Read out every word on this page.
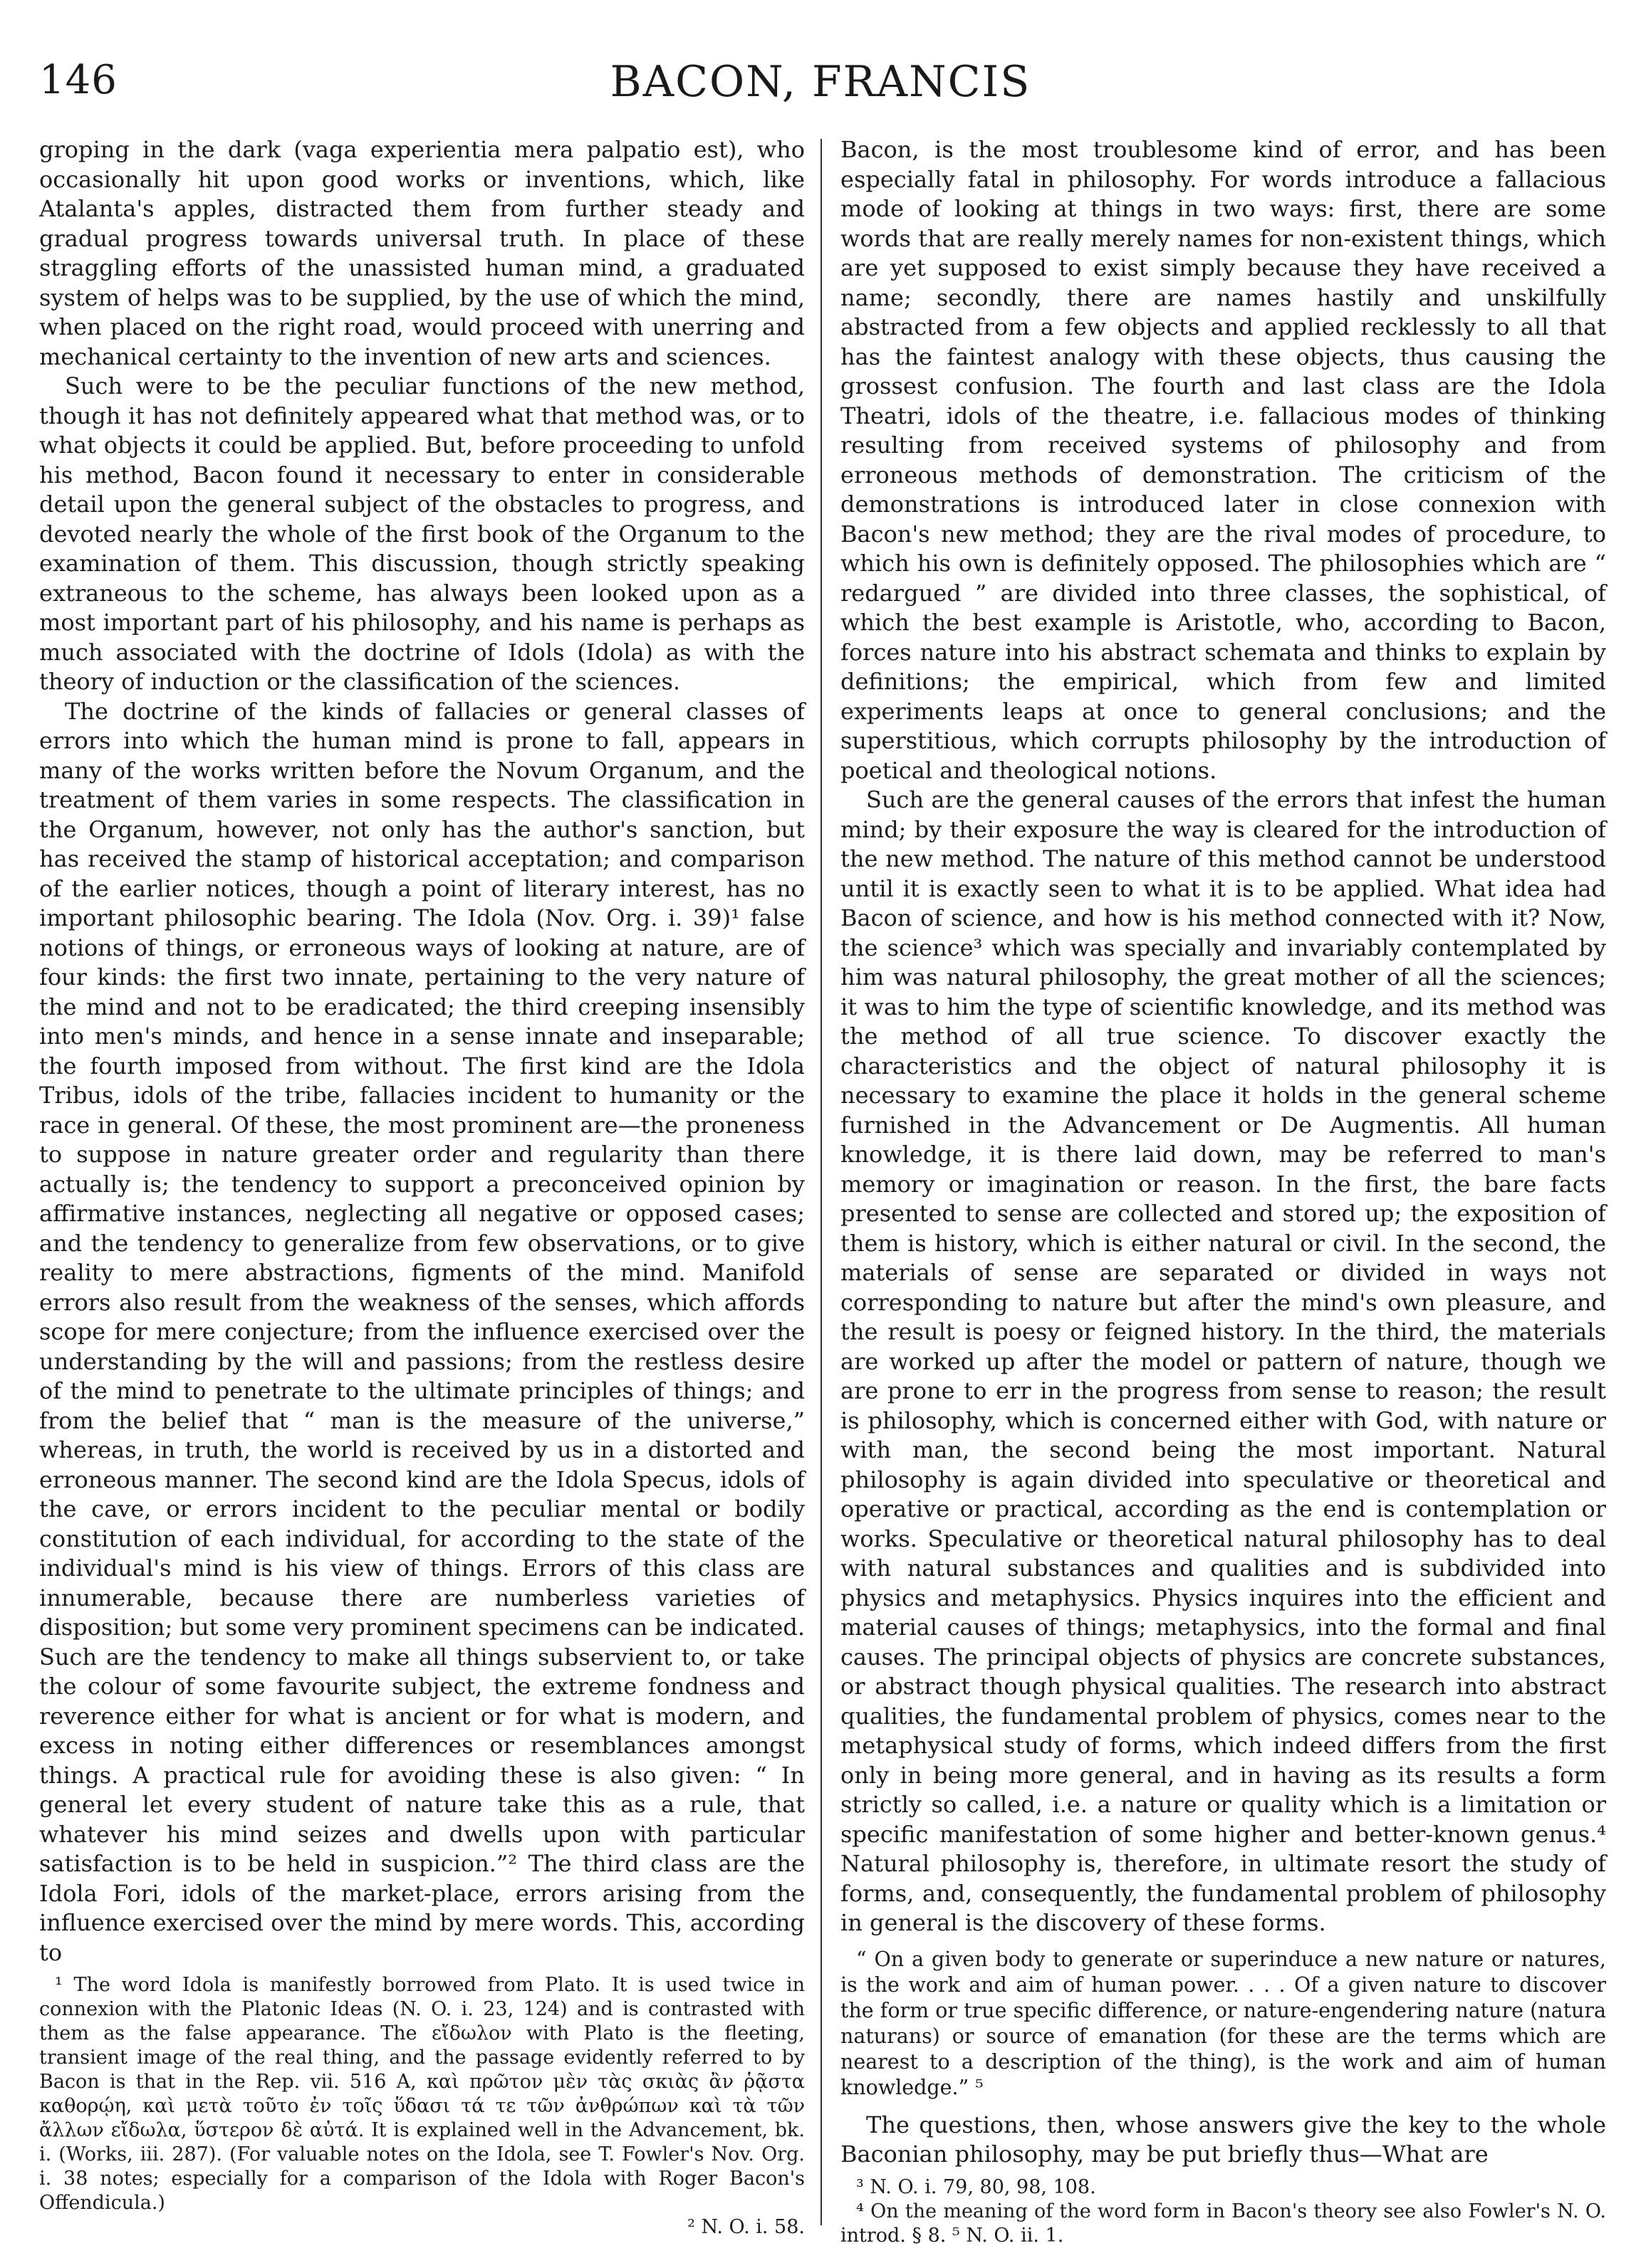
146	BACON, FRANCIS

groping in the dark (vaga experientia mera palpatio est), who occasionally hit upon good works or inventions, which, like Atalanta's apples, distracted them from further steady and gradual progress towards universal truth. In place of these straggling efforts of the unassisted human mind, a graduated system of helps was to be supplied, by the use of which the mind, when placed on the right road, would proceed with unerring and mechanical certainty to the invention of new arts and sciences.

Such were to be the peculiar functions of the new method, though it has not definitely appeared what that method was, or to what objects it could be applied. But, before proceeding to unfold his method, Bacon found it necessary to enter in considerable detail upon the general subject of the obstacles to progress, and devoted nearly the whole of the first book of the Organum to the examination of them. This discussion, though strictly speaking extraneous to the scheme, has always been looked upon as a most important part of his philosophy, and his name is perhaps as much associated with the doctrine of Idols (Idola) as with the theory of induction or the classification of the sciences.

The doctrine of the kinds of fallacies or general classes of errors into which the human mind is prone to fall, appears in many of the works written before the Novum Organum, and the treatment of them varies in some respects. The classification in the Organum, however, not only has the author's sanction, but has received the stamp of historical acceptation; and comparison of the earlier notices, though a point of literary interest, has no important philosophic bearing. The Idola (Nov. Org. i. 39)¹ false notions of things, or erroneous ways of looking at nature, are of four kinds: the first two innate, pertaining to the very nature of the mind and not to be eradicated; the third creeping insensibly into men's minds, and hence in a sense innate and inseparable; the fourth imposed from without. The first kind are the Idola Tribus, idols of the tribe, fallacies incident to humanity or the race in general. Of these, the most prominent are—the proneness to suppose in nature greater order and regularity than there actually is; the tendency to support a preconceived opinion by affirmative instances, neglecting all negative or opposed cases; and the tendency to generalize from few observations, or to give reality to mere abstractions, figments of the mind. Manifold errors also result from the weakness of the senses, which affords scope for mere conjecture; from the influence exercised over the understanding by the will and passions; from the restless desire of the mind to penetrate to the ultimate principles of things; and from the belief that “ man is the measure of the universe,” whereas, in truth, the world is received by us in a distorted and erroneous manner. The second kind are the Idola Specus, idols of the cave, or errors incident to the peculiar mental or bodily constitution of each individual, for according to the state of the individual's mind is his view of things. Errors of this class are innumerable, because there are numberless varieties of disposition; but some very prominent specimens can be indicated. Such are the tendency to make all things subservient to, or take the colour of some favourite subject, the extreme fondness and reverence either for what is ancient or for what is modern, and excess in noting either differences or resemblances amongst things. A practical rule for avoiding these is also given: “ In general let every student of nature take this as a rule, that whatever his mind seizes and dwells upon with particular satisfaction is to be held in suspicion.”² The third class are the Idola Fori, idols of the market-place, errors arising from the influence exercised over the mind by mere words. This, according to

¹ The word Idola is manifestly borrowed from Plato. It is used twice in connexion with the Platonic Ideas (N. O. i. 23, 124) and is contrasted with them as the false appearance. The εἴδωλον with Plato is the fleeting, transient image of the real thing, and the passage evidently referred to by Bacon is that in the Rep. vii. 516 A, καὶ πρῶτον μὲν τὰς σκιὰς ἂν ῥᾷστα καθορῴη, καὶ μετὰ τοῦτο ἐν τοῖς ὕδασι τά τε τῶν ἀνθρώπων καὶ τὰ τῶν ἄλλων εἴδωλα, ὕστερον δὲ αὐτά. It is explained well in the Advancement, bk. i. (Works, iii. 287). (For valuable notes on the Idola, see T. Fowler's Nov. Org. i. 38 notes; especially for a comparison of the Idola with Roger Bacon's Offendicula.)

² N. O. i. 58.

Bacon, is the most troublesome kind of error, and has been especially fatal in philosophy. For words introduce a fallacious mode of looking at things in two ways: first, there are some words that are really merely names for non-existent things, which are yet supposed to exist simply because they have received a name; secondly, there are names hastily and unskilfully abstracted from a few objects and applied recklessly to all that has the faintest analogy with these objects, thus causing the grossest confusion. The fourth and last class are the Idola Theatri, idols of the theatre, i.e. fallacious modes of thinking resulting from received systems of philosophy and from erroneous methods of demonstration. The criticism of the demonstrations is introduced later in close connexion with Bacon's new method; they are the rival modes of procedure, to which his own is definitely opposed. The philosophies which are “ redargued ” are divided into three classes, the sophistical, of which the best example is Aristotle, who, according to Bacon, forces nature into his abstract schemata and thinks to explain by definitions; the empirical, which from few and limited experiments leaps at once to general conclusions; and the superstitious, which corrupts philosophy by the introduction of poetical and theological notions.

Such are the general causes of the errors that infest the human mind; by their exposure the way is cleared for the introduction of the new method. The nature of this method cannot be understood until it is exactly seen to what it is to be applied. What idea had Bacon of science, and how is his method connected with it? Now, the science³ which was specially and invariably contemplated by him was natural philosophy, the great mother of all the sciences; it was to him the type of scientific knowledge, and its method was the method of all true science. To discover exactly the characteristics and the object of natural philosophy it is necessary to examine the place it holds in the general scheme furnished in the Advancement or De Augmentis. All human knowledge, it is there laid down, may be referred to man's memory or imagination or reason. In the first, the bare facts presented to sense are collected and stored up; the exposition of them is history, which is either natural or civil. In the second, the materials of sense are separated or divided in ways not corresponding to nature but after the mind's own pleasure, and the result is poesy or feigned history. In the third, the materials are worked up after the model or pattern of nature, though we are prone to err in the progress from sense to reason; the result is philosophy, which is concerned either with God, with nature or with man, the second being the most important. Natural philosophy is again divided into speculative or theoretical and operative or practical, according as the end is contemplation or works. Speculative or theoretical natural philosophy has to deal with natural substances and qualities and is subdivided into physics and metaphysics. Physics inquires into the efficient and material causes of things; metaphysics, into the formal and final causes. The principal objects of physics are concrete substances, or abstract though physical qualities. The research into abstract qualities, the fundamental problem of physics, comes near to the metaphysical study of forms, which indeed differs from the first only in being more general, and in having as its results a form strictly so called, i.e. a nature or quality which is a limitation or specific manifestation of some higher and better-known genus.⁴ Natural philosophy is, therefore, in ultimate resort the study of forms, and, consequently, the fundamental problem of philosophy in general is the discovery of these forms.

“ On a given body to generate or superinduce a new nature or natures, is the work and aim of human power. . . . Of a given nature to discover the form or true specific difference, or nature-engendering nature (natura naturans) or source of emanation (for these are the terms which are nearest to a description of the thing), is the work and aim of human knowledge.” ⁵

The questions, then, whose answers give the key to the whole Baconian philosophy, may be put briefly thus—What are

³ N. O. i. 79, 80, 98, 108.

⁴ On the meaning of the word form in Bacon's theory see also Fowler's N. O. introd. § 8. ⁵ N. O. ii. 1.
